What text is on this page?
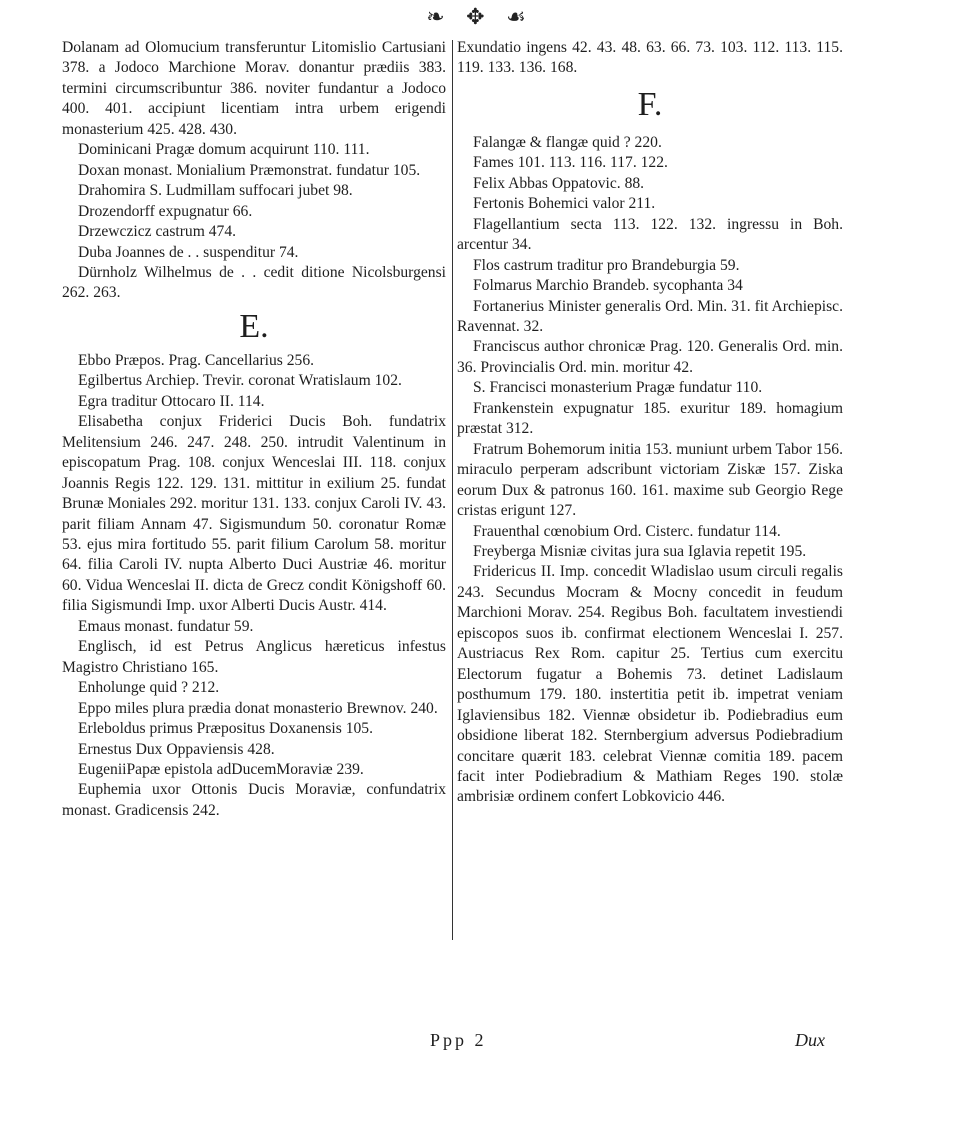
❧ ✥ ☙

Dolanam ad Olomucium transferuntur Litomislio Cartusiani 378. a Jodoco Marchione Morav. donantur prædiis 383. termini circumscribuntur 386. noviter fundantur a Jodoco 400. 401. accipiunt licentiam intra urbem erigendi monasterium 425. 428. 430.

Dominicani Pragæ domum acquirunt 110. 111.

Doxan monast. Monialium Præmonstrat. fundatur 105.

Drahomira S. Ludmillam suffocari jubet 98.

Drozendorff expugnatur 66.

Drzewczicz castrum 474.

Duba Joannes de . . suspenditur 74.

Dürnholz Wilhelmus de . . cedit ditione Nicolsburgensi 262. 263.

E.

Ebbo Præpos. Prag. Cancellarius 256.

Egilbertus Archiep. Trevir. coronat Wratislaum 102.

Egra traditur Ottocaro II. 114.

Elisabetha conjux Friderici Ducis Boh. fundatrix Melitensium 246. 247. 248. 250. intrudit Valentinum in episcopatum Prag. 108. conjux Wenceslai III. 118. conjux Joannis Regis 122. 129. 131. mittitur in exilium 25. fundat Brunæ Moniales 292. moritur 131. 133. conjux Caroli IV. 43. parit filiam Annam 47. Sigismundum 50. coronatur Romæ 53. ejus mira fortitudo 55. parit filium Carolum 58. moritur 64. filia Caroli IV. nupta Alberto Duci Austriæ 46. moritur 60. Vidua Wenceslai II. dicta de Grecz condit Königshoff 60. filia Sigismundi Imp. uxor Alberti Ducis Austr. 414.

Emaus monast. fundatur 59.

Englisch, id est Petrus Anglicus hæreticus infestus Magistro Christiano 165.

Enholunge quid ? 212.

Eppo miles plura prædia donat monasterio Brewnov. 240.

Erleboldus primus Præpositus Doxanensis 105.

Ernestus Dux Oppaviensis 428.

EugeniiPapæ epistola adDucemMoraviæ 239.

Euphemia uxor Ottonis Ducis Moraviæ, confundatrix monast. Gradicensis 242.

Exundatio ingens 42. 43. 48. 63. 66. 73. 103. 112. 113. 115. 119. 133. 136. 168.

F.

Falangæ & flangæ quid ? 220.

Fames 101. 113. 116. 117. 122.

Felix Abbas Oppatovic. 88.

Fertonis Bohemici valor 211.

Flagellantium secta 113. 122. 132. ingressu in Boh. arcentur 34.

Flos castrum traditur pro Brandeburgia 59.

Folmarus Marchio Brandeb. sycophanta 34

Fortanerius Minister generalis Ord. Min. 31. fit Archiepisc. Ravennat. 32.

Franciscus author chronicæ Prag. 120. Generalis Ord. min. 36. Provincialis Ord. min. moritur 42.

S. Francisci monasterium Pragæ fundatur 110.

Frankenstein expugnatur 185. exuritur 189. homagium præstat 312.

Fratrum Bohemorum initia 153. muniunt urbem Tabor 156. miraculo perperam adscribunt victoriam Ziskæ 157. Ziska eorum Dux & patronus 160. 161. maxime sub Georgio Rege cristas erigunt 127.

Frauenthal cœnobium Ord. Cisterc. fundatur 114.

Freyberga Misniæ civitas jura sua Iglavia repetit 195.

Fridericus II. Imp. concedit Wladislao usum circuli regalis 243. Secundus Mocram & Mocny concedit in feudum Marchioni Morav. 254. Regibus Boh. facultatem investiendi episcopos suos ib. confirmat electionem Wenceslai I. 257. Austriacus Rex Rom. capitur 25. Tertius cum exercitu Electorum fugatur a Bohemis 73. detinet Ladislaum posthumum 179. 180. instertitia petit ib. impetrat veniam Iglaviensibus 182. Viennæ obsidetur ib. Podiebradius eum obsidione liberat 182. Sternbergium adversus Podiebradium concitare quærit 183. celebrat Viennæ comitia 189. pacem facit inter Podiebradium & Mathiam Reges 190. stolæ ambrisiæ ordinem confert Lobkovicio 446.

Ppp 2	Dux
